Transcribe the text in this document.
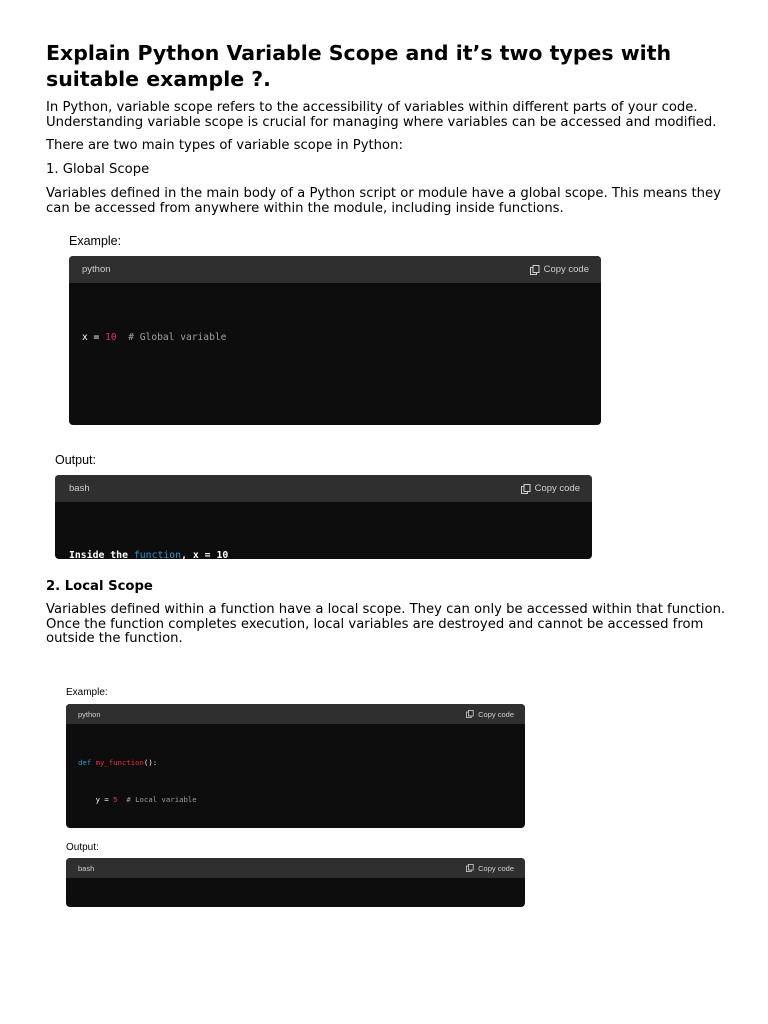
Explain Python Variable Scope and it’s two types with suitable example ?.

In Python, variable scope refers to the accessibility of variables within different parts of your code. Understanding variable scope is crucial for managing where variables can be accessed and modified.

There are two main types of variable scope in Python:

1. Global Scope

Variables defined in the main body of a Python script or module have a global scope. This means they can be accessed from anywhere within the module, including inside functions.

Example:
python	Copy code

x = 10  # Global variable

Output:
bash	Copy code

Inside the function, x = 10

2. Local Scope

Variables defined within a function have a local scope. They can only be accessed within that function. Once the function completes execution, local variables are destroyed and cannot be accessed from outside the function.

Example:
python	Copy code

def my_function():

y = 5  # Local variable

Output:
bash	Copy code
